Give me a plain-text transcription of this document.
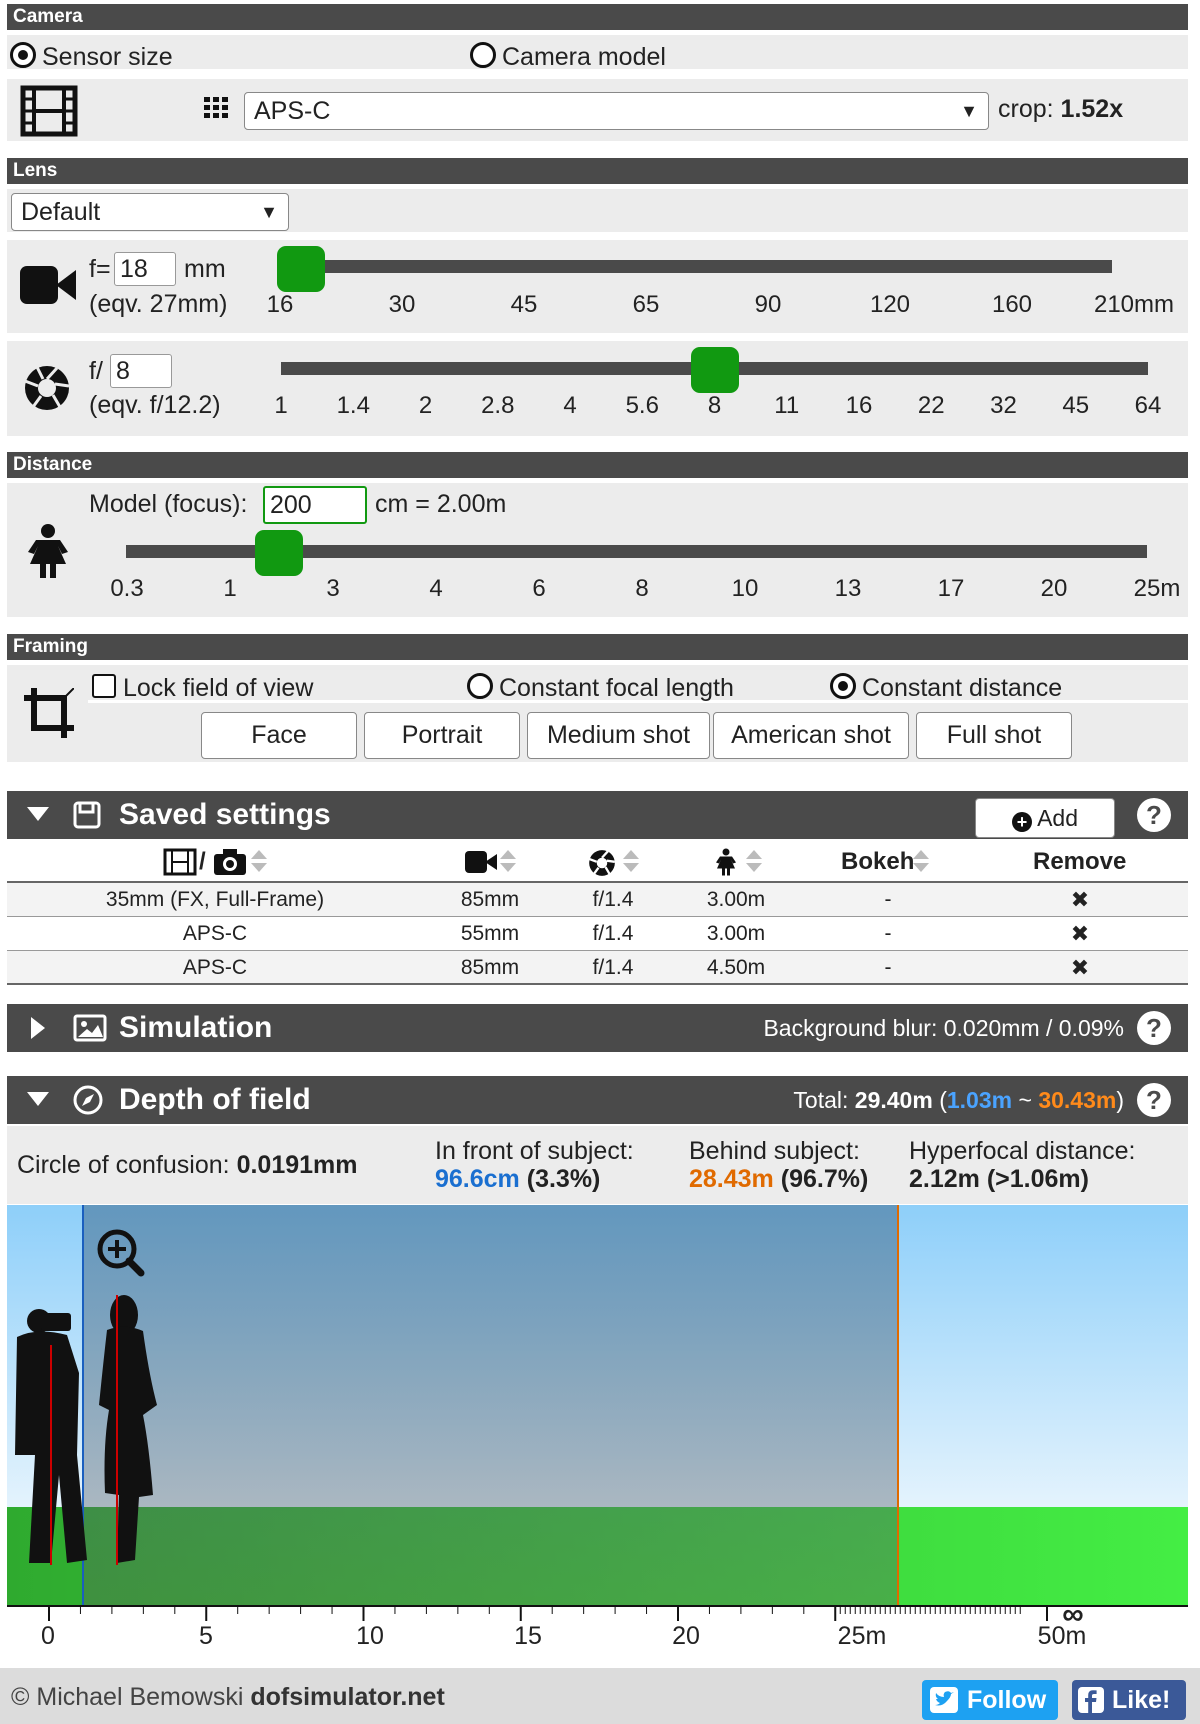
Camera
Sensor size	Camera model
APS-C	▼ crop: 1.52x
Lens
Default	▼
f=
18	mm
(eqv. 27mm) 16	30	45	65	90	120	160	210mm
f/
8
(eqv. f/12.2) 1 1.4 2 2.8 4 5.6 8 11 16 22 32 45 64
Distance
Model (focus):
200	cm = 2.00m
0.3	1	3	4	6	8	10	13	17	20	25m
Framing
Lock field of view	Constant focal length	Constant distance
Face	Portrait	Medium shot	American shot	Full shot
Saved settings	+ Add	?
/	Bokeh	Remove
35mm (FX, Full-Frame)	85mm	f/1.4	3.00m	-	✖
APS-C	55mm	f/1.4	3.00m	-	✖
APS-C	85mm	f/1.4	4.50m	-	✖
Simulation	Background blur: 0.020mm / 0.09% ?
Depth of field	Total: 29.40m (1.03m ~ 30.43m) ?
Circle of confusion: 0.0191mm	In front of subject:
96.6cm (3.3%)
Behind subject:
28.43m (96.7%)
Hyperfocal distance:
2.12m (>1.06m)
0	5	10	15	20	25m	50m
∞
© Michael Bemowski dofsimulator.net	Follow	Like!
